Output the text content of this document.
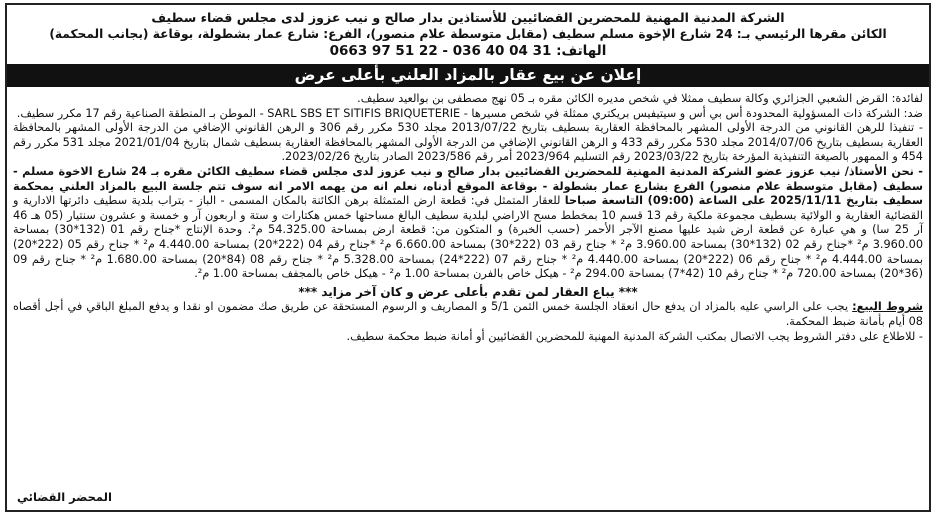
الشركة المدنية المهنية للمحضرين القضائيين للأستاذين بدار صالح و نيب عزوز لدى مجلس قضاء سطيف
الكائن مقرها الرئيسي بـ: 24 شارع الإخوة مسلم سطيف (مقابل متوسطة علام منصور)، الفرع: شارع عمار بشطولة، بوقاعة (بجانب المحكمة)
الهاتف: 31 04 40 036 - 22 51 97 0663
إعلان عن بيع عقار بالمزاد العلني بأعلى عرض

لفائدة: القرض الشعبي الجزائري وكالة سطيف ممثلا في شخص مديره الكائن مقره بـ 05 نهج مصطفى بن بوالعيد سطيف.

ضد: الشركة ذات المسؤولية المحدودة أس بي أس و سيتيفيس بريكتري ممثلة في شخص مسيرها - SARL SBS ET SITIFIS BRIQUETERIE - الموطن بـ المنطقة الصناعية رقم 17 مكرر سطيف.

- تنفيذا للرهن القانوني من الدرجة الأولى المشهر بالمحافظة العقارية بسطيف بتاريخ 2013/07/22 مجلد 530 مكرر رقم 306 و الرهن القانوني الإضافي من الدرجة الأولى المشهر بالمحافظة العقارية بسطيف بتاريخ 2014/07/06 مجلد 530 مكرر رقم 433 و الرهن القانوني الإضافي من الدرجة الأولى المشهر بالمحافظة العقارية بسطيف شمال بتاريخ 2021/01/04 مجلد 531 مكرر رقم 454 و الممهور بالصيغة التنفيذية المؤرخة بتاريخ 2023/03/22 رقم التسليم 2023/964 أمر رقم 2023/586 الصادر بتاريخ 2023/02/26.

- نحن الأستاذ/ نيب عزوز عضو الشركة المدنية المهنية للمحضرين القضائيين بدار صالح و نيب عزوز لدى مجلس قضاء سطيف الكائن مقره بـ 24 شارع الاخوة مسلم - سطيف (مقابل متوسطة علام منصور) الفرع بشارع عمار بشطولة - بوقاعة الموقع أدناه، نعلم انه من يهمه الامر انه سوف تتم جلسة البيع بالمزاد العلني بمحكمة سطيف بتاريخ 2025/11/11 على الساعة (09:00) التاسعة صباحا للعقار المتمثل في: قطعة ارض المتمثلة برهن الكائنة بالمكان المسمى - الباز - بتراب بلدية سطيف دائرتها الادارية و القضائية العقارية و الولائية بسطيف مجموعة ملكية رقم 13 قسم 10 بمخطط مسح الاراضي لبلدية سطيف البالغ مساحتها خمس هكتارات و ستة و اربعون آر و خمسة و عشرون سنتيار (05 هـ 46 آر 25 سا) و هي عبارة عن قطعة ارض شيد عليها مصنع الآجر الأحمر (حسب الخبرة) و المتكون من: قطعة ارض بمساحة 54.325.00 م². وحدة الإنتاج *جناح رقم 01 (132*30) بمساحة 3.960.00 م² *جناح رقم 02 (132*30) بمساحة 3.960.00 م² * جناح رقم 03 (222*30) بمساحة 6.660.00 م² *جناح رقم 04 (222*20) بمساحة 4.440.00 م² * جناح رقم 05 (222*20) بمساحة 4.444.00 م² * جناح رقم 06 (222*20) بمساحة 4.440.00 م² * جناح رقم 07 (222*24) بمساحة 5.328.00 م² * جناح رقم 08 (84*20) بمساحة 1.680.00 م² * جناح رقم 09 (36*20) بمساحة 720.00 م² * جناح رقم 10 (42*7) بمساحة 294.00 م² - هيكل خاص بالفرن بمساحة 1.00 م² - هيكل خاص بالمجفف بمساحة 1.00 م².

*** يباع العقار لمن تقدم بأعلى عرض و كان آخر مزايد ***

شروط البيع: يجب على الراسي عليه بالمزاد ان يدفع حال انعقاد الجلسة خمس الثمن 5/1 و المصاريف و الرسوم المستحقة عن طريق صك مضمون او نقدا و يدفع المبلغ الباقي في أجل أقصاه 08 أيام بأمانة ضبط المحكمة.

- للاطلاع على دفتر الشروط يجب الاتصال بمكتب الشركة المدنية المهنية للمحضرين القضائيين أو أمانة ضبط محكمة سطيف.

المحضر القضائي
